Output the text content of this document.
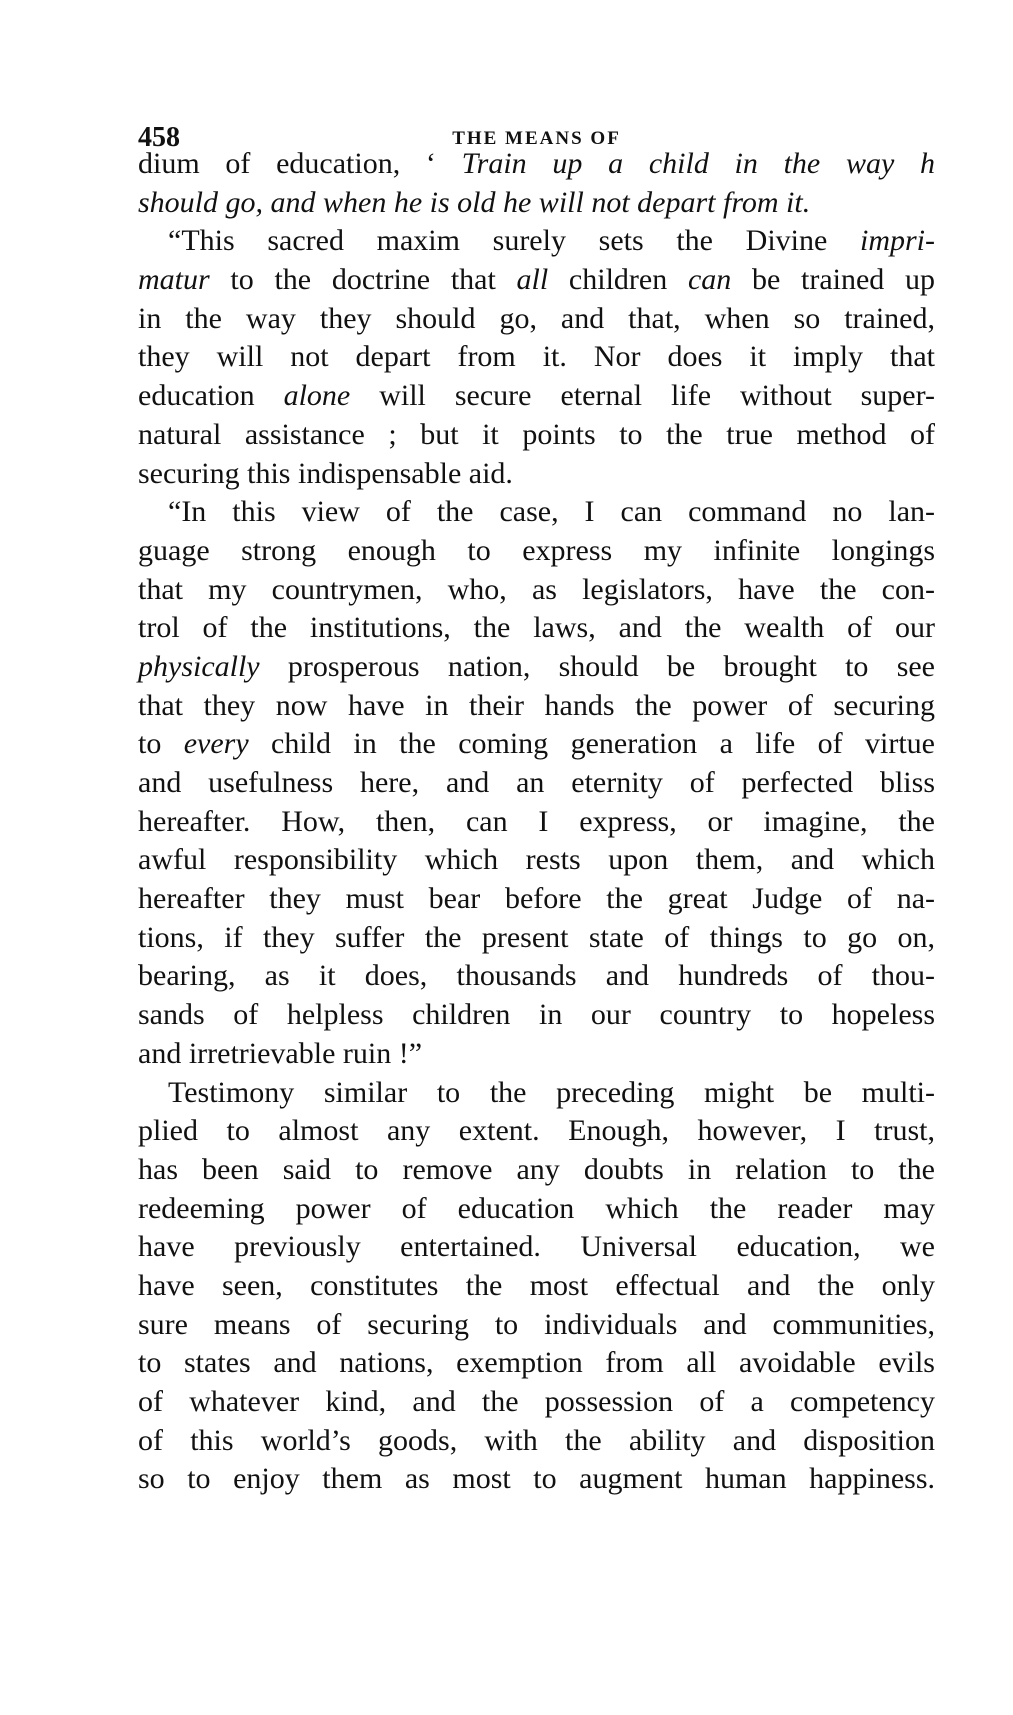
458	THE MEANS OF
dium of education, ‘ Train up a child in the way h
should go, and when he is old he will not depart from it.
“This sacred maxim surely sets the Divine impri-
matur to the doctrine that all children can be trained up
in the way they should go, and that, when so trained,
they will not depart from it. Nor does it imply that
education alone will secure eternal life without super-
natural assistance ; but it points to the true method of
securing this indispensable aid.
“In this view of the case, I can command no lan-
guage strong enough to express my infinite longings
that my countrymen, who, as legislators, have the con-
trol of the institutions, the laws, and the wealth of our
physically prosperous nation, should be brought to see
that they now have in their hands the power of securing
to every child in the coming generation a life of virtue
and usefulness here, and an eternity of perfected bliss
hereafter. How, then, can I express, or imagine, the
awful responsibility which rests upon them, and which
hereafter they must bear before the great Judge of na-
tions, if they suffer the present state of things to go on,
bearing, as it does, thousands and hundreds of thou-
sands of helpless children in our country to hopeless
and irretrievable ruin !”
Testimony similar to the preceding might be multi-
plied to almost any extent. Enough, however, I trust,
has been said to remove any doubts in relation to the
redeeming power of education which the reader may
have previously entertained. Universal education, we
have seen, constitutes the most effectual and the only
sure means of securing to individuals and communities,
to states and nations, exemption from all avoidable evils
of whatever kind, and the possession of a competency
of this world’s goods, with the ability and disposition
so to enjoy them as most to augment human happiness.
